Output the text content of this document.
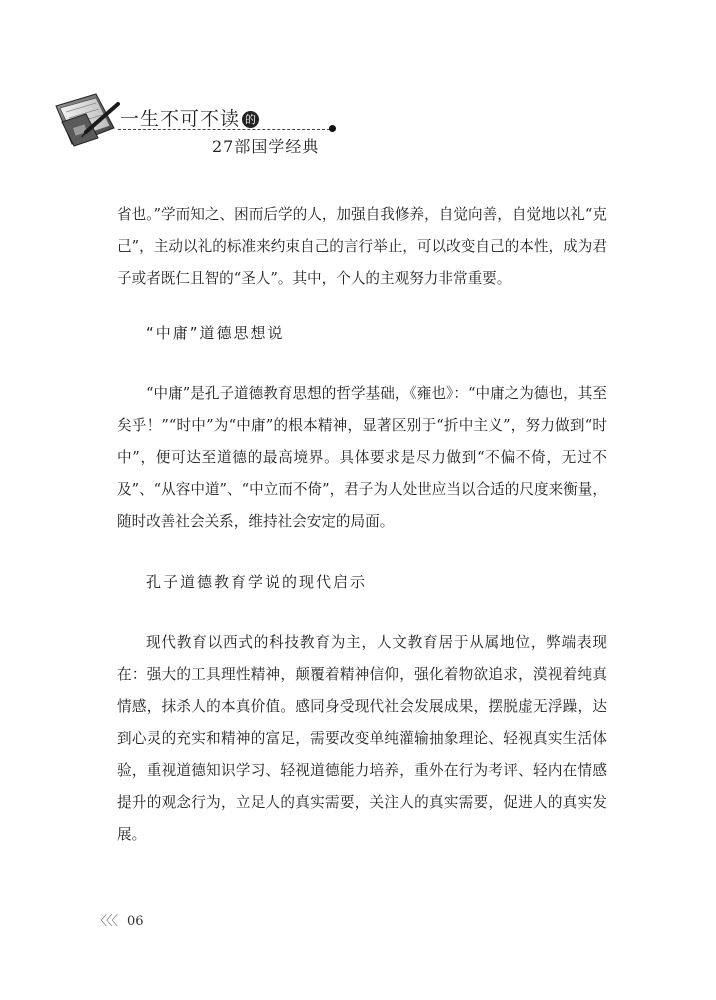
一生不可不读 的
27部国学经典

省也。”学而知之、困而后学的人，加强自我修养，自觉向善，自觉地以礼“克己”，主动以礼的标准来约束自己的言行举止，可以改变自己的本性，成为君子或者既仁且智的“圣人”。其中，个人的主观努力非常重要。

“中庸”道德思想说

“中庸”是孔子道德教育思想的哲学基础，《雍也》：“中庸之为德也，其至矣乎！”“时中”为“中庸”的根本精神，显著区别于“折中主义”，努力做到“时中”，便可达至道德的最高境界。具体要求是尽力做到“不偏不倚，无过不及”、“从容中道”、“中立而不倚”，君子为人处世应当以合适的尺度来衡量，随时改善社会关系，维持社会安定的局面。

孔子道德教育学说的现代启示

现代教育以西式的科技教育为主，人文教育居于从属地位，弊端表现在：强大的工具理性精神，颠覆着精神信仰，强化着物欲追求，漠视着纯真情感，抹杀人的本真价值。感同身受现代社会发展成果，摆脱虚无浮躁，达到心灵的充实和精神的富足，需要改变单纯灌输抽象理论、轻视真实生活体验，重视道德知识学习、轻视道德能力培养，重外在行为考评、轻内在情感提升的观念行为，立足人的真实需要，关注人的真实需要，促进人的真实发展。

〈〈〈 06
